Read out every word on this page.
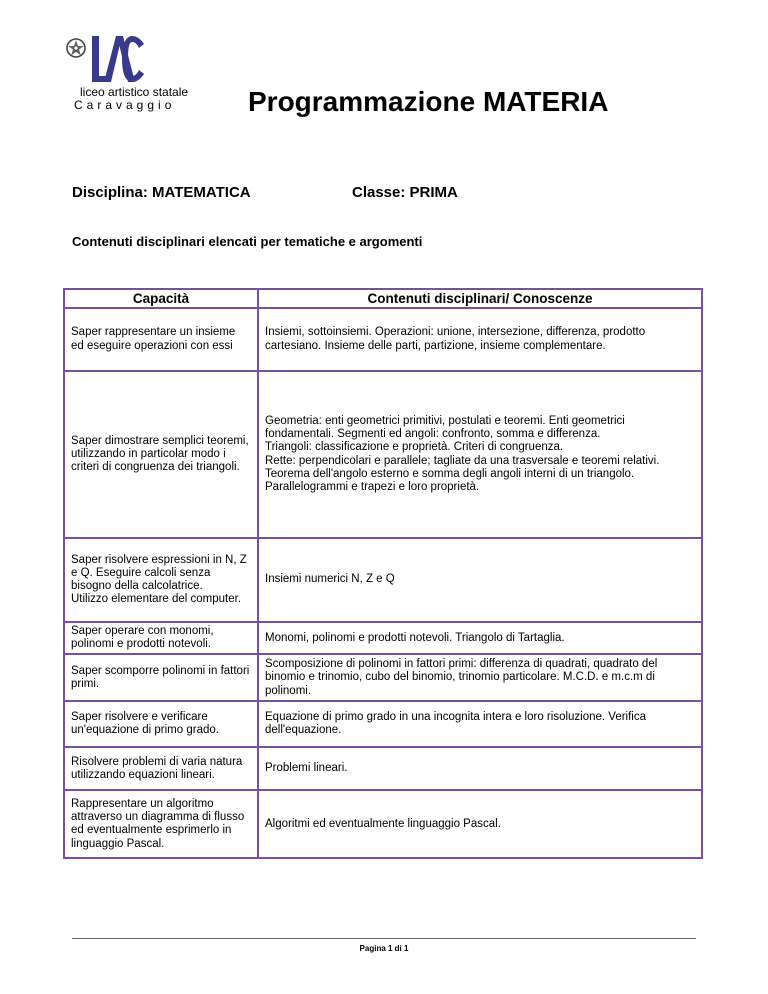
liceo artistico statale
Caravaggio	Programmazione MATERIA
Disciplina: MATEMATICA	Classe: PRIMA
Contenuti disciplinari elencati per tematiche e argomenti
Capacità	Contenuti disciplinari/ Conoscenze
Saper rappresentare un insieme ed eseguire operazioni con essi	Insiemi, sottoinsiemi. Operazioni: unione, intersezione, differenza, prodotto cartesiano. Insieme delle parti, partizione, insieme complementare.
Saper dimostrare semplici teoremi, utilizzando in particolar modo i criteri di congruenza dei triangoli.	Geometria: enti geometrici primitivi, postulati e teoremi. Enti geometrici fondamentali. Segmenti ed angoli: confronto, somma e differenza.
Triangoli: classificazione e proprietà. Criteri di congruenza.
Rette: perpendicolari e parallele; tagliate da una trasversale e teoremi relativi.
Teorema dell'angolo esterno e somma degli angoli interni di un triangolo.
Parallelogrammi e trapezi e loro proprietà.
Saper risolvere espressioni in N, Z e Q. Eseguire calcoli senza bisogno della calcolatrice.
Utilizzo elementare del computer.	Insiemi numerici N, Z e Q
Saper operare con monomi, polinomi e prodotti notevoli.	Monomi, polinomi e prodotti notevoli. Triangolo di Tartaglia.
Saper scomporre polinomi in fattori primi.	Scomposizione di polinomi in fattori primi: differenza di quadrati, quadrato del binomio e trinomio, cubo del binomio, trinomio particolare. M.C.D. e m.c.m di polinomi.
Saper risolvere e verificare un'equazione di primo grado.	Equazione di primo grado in una incognita intera e loro risoluzione. Verifica dell'equazione.
Risolvere problemi di varia natura utilizzando equazioni lineari.	Problemi lineari.
Rappresentare un algoritmo attraverso un diagramma di flusso ed eventualmente esprimerlo in linguaggio Pascal.	Algoritmi ed eventualmente linguaggio Pascal.
Pagina 1 di 1
